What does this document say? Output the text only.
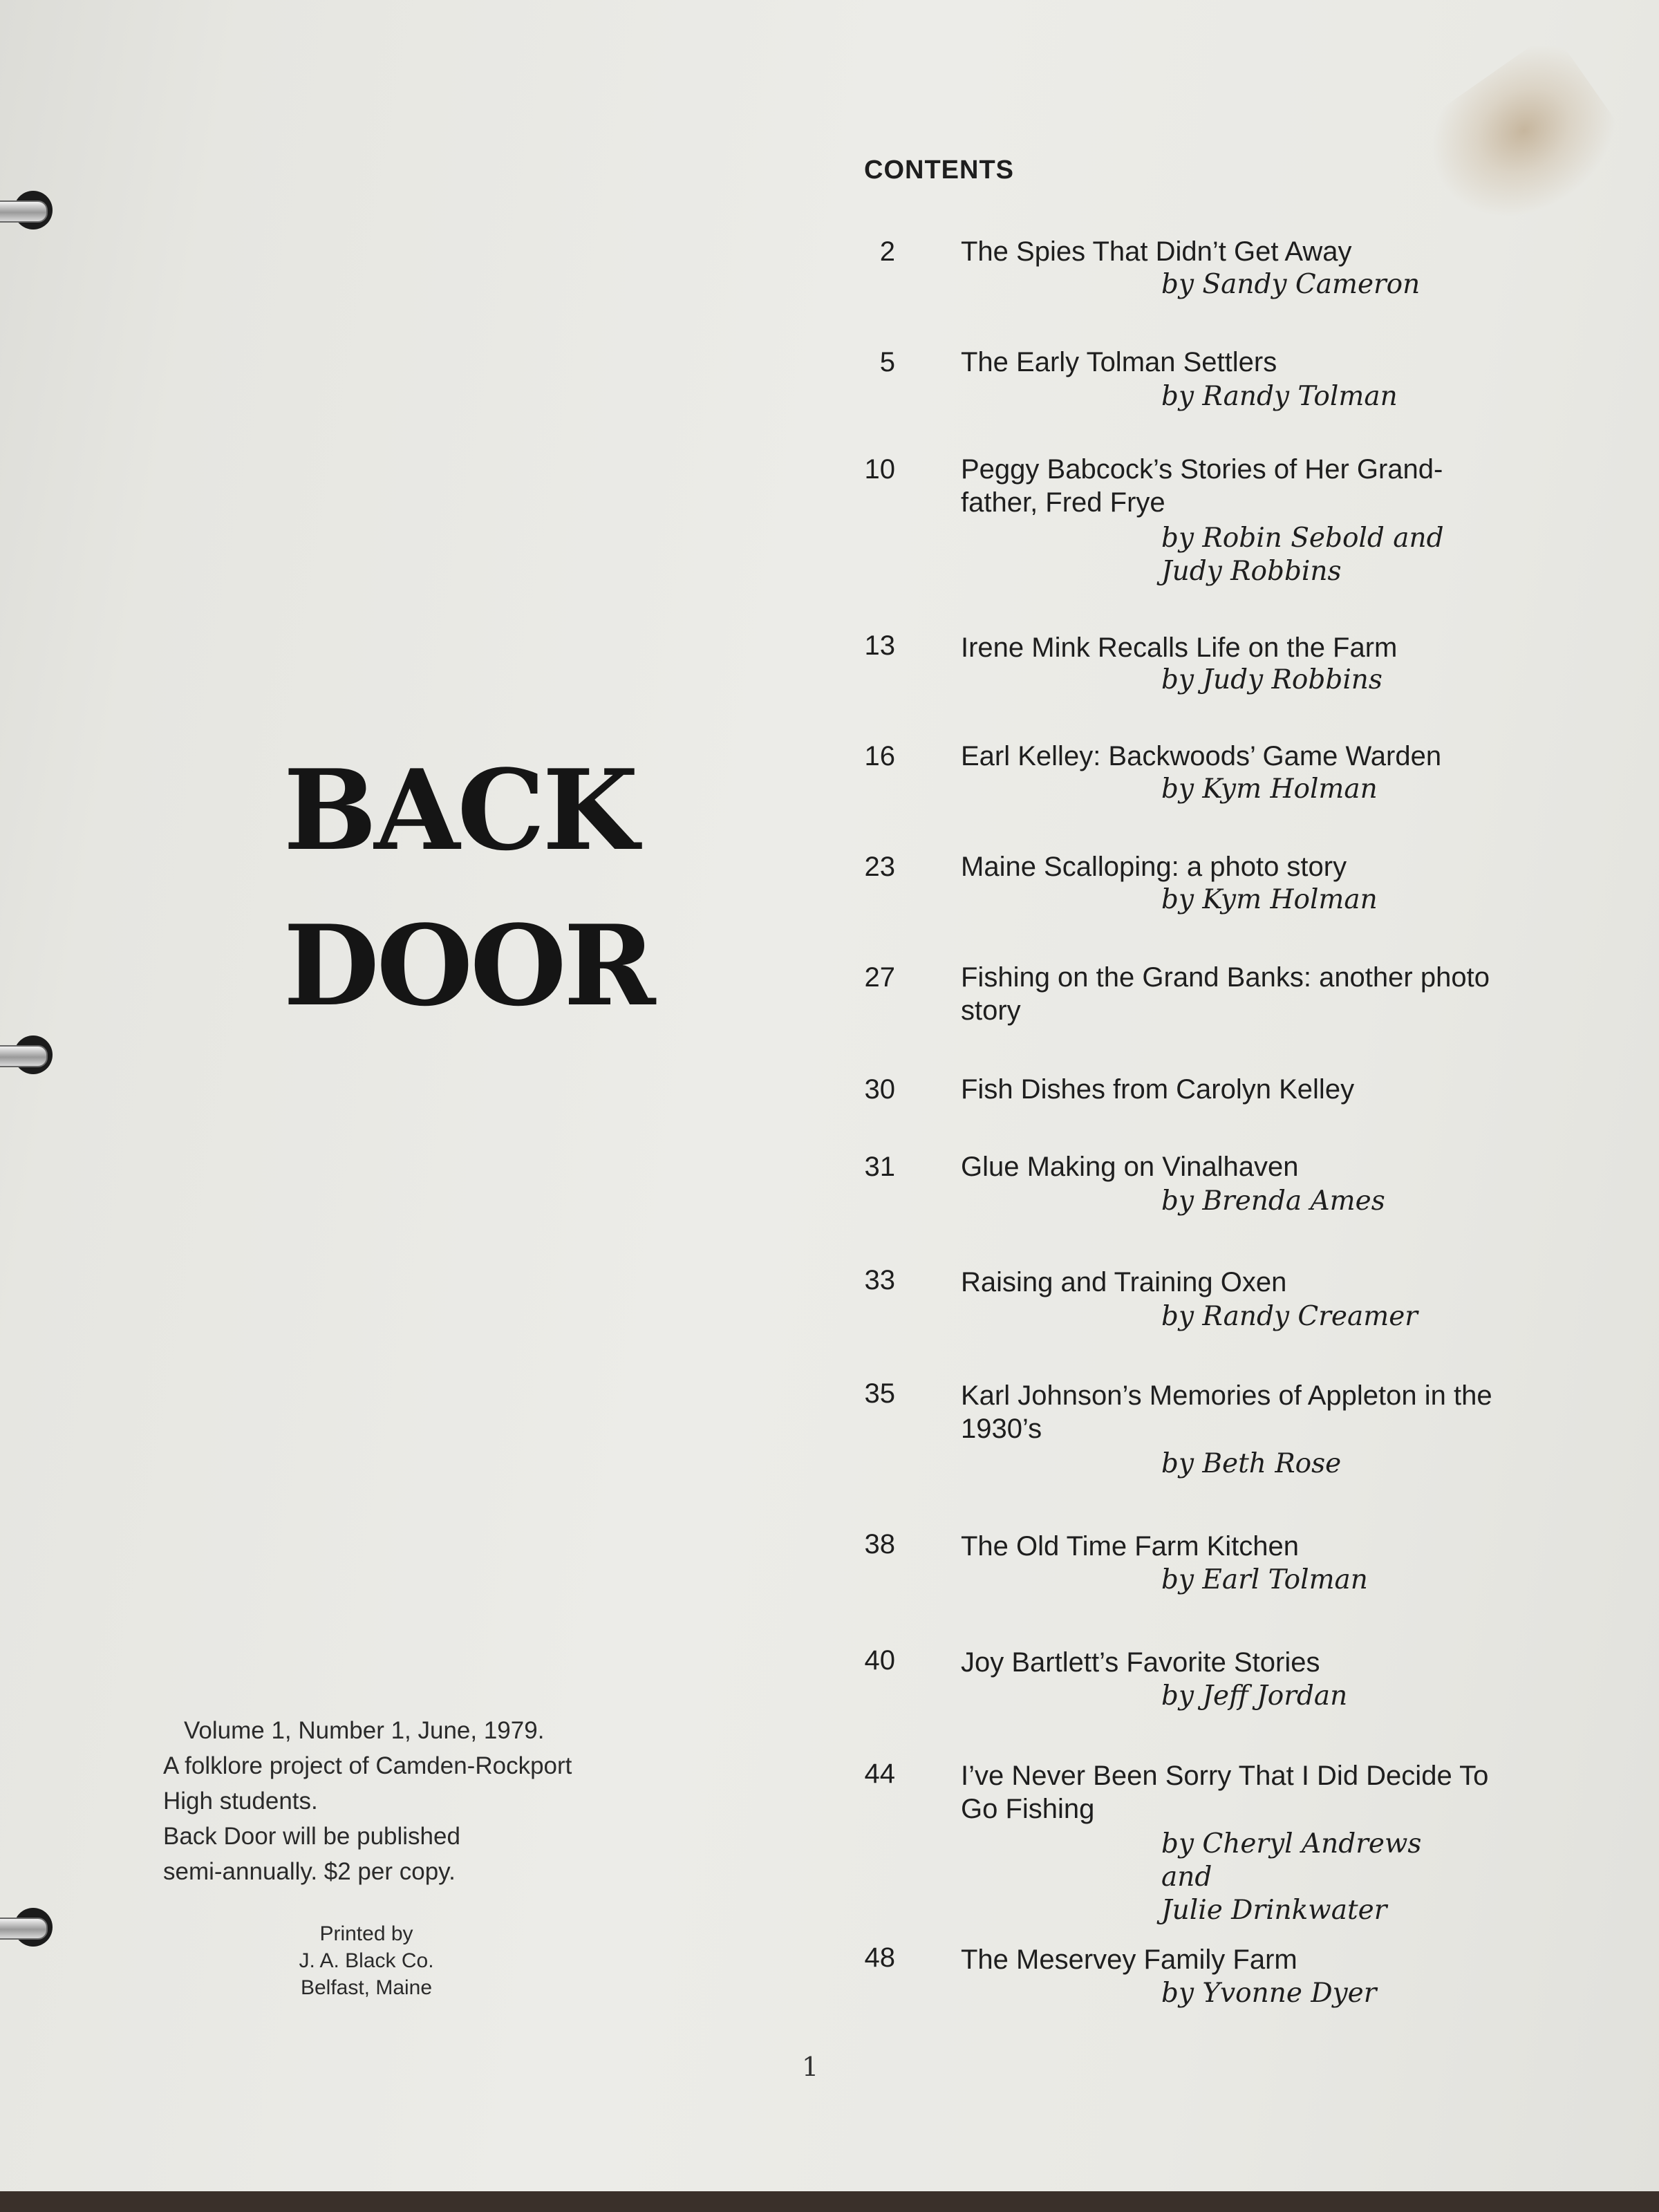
BACK
DOOR
Volume 1, Number 1, June, 1979.
A folklore project of Camden-Rockport
High students.
Back Door will be published
semi-annually. $2 per copy.
Printed by
J. A. Black Co.
Belfast, Maine
CONTENTS
2 The Spies That Didn’t Get Away
by Sandy Cameron
5 The Early Tolman Settlers
by Randy Tolman
10 Peggy Babcock’s Stories of Her Grand-father, Fred Frye
by Robin Sebold and
Judy Robbins
13 Irene Mink Recalls Life on the Farm
by Judy Robbins
16 Earl Kelley: Backwoods’ Game Warden
by Kym Holman
23 Maine Scalloping: a photo story
by Kym Holman
27 Fishing on the Grand Banks: another photo story
30 Fish Dishes from Carolyn Kelley
31 Glue Making on Vinalhaven
by Brenda Ames
33 Raising and Training Oxen
by Randy Creamer
35 Karl Johnson’s Memories of Appleton in the 1930’s
by Beth Rose
38 The Old Time Farm Kitchen
by Earl Tolman
40 Joy Bartlett’s Favorite Stories
by Jeff Jordan
44 I’ve Never Been Sorry That I Did Decide To Go Fishing
by Cheryl Andrews and
Julie Drinkwater
48 The Meservey Family Farm
by Yvonne Dyer
1
